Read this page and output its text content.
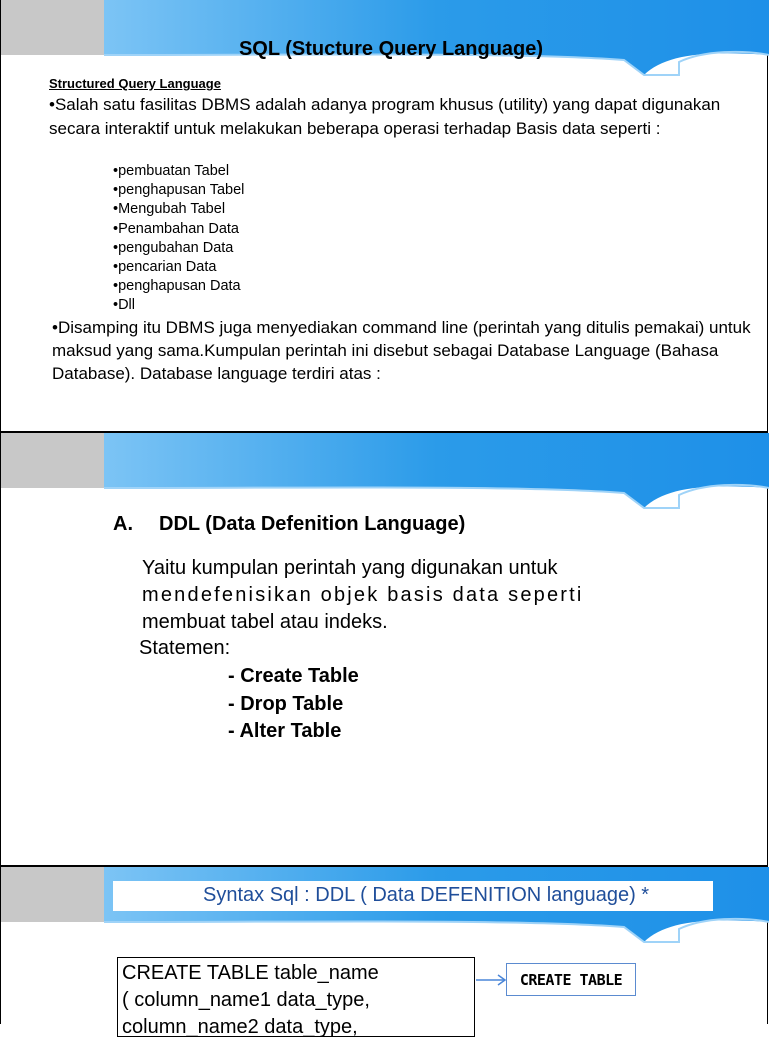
SQL (Stucture Query Language)
Structured Query Language
•Salah satu fasilitas DBMS adalah adanya program khusus (utility) yang dapat digunakan secara interaktif untuk melakukan beberapa operasi terhadap Basis data seperti :
•pembuatan Tabel
•penghapusan Tabel
•Mengubah Tabel
•Penambahan Data
•pengubahan Data
•pencarian Data
•penghapusan Data
•Dll
•Disamping itu DBMS juga menyediakan command line (perintah yang ditulis pemakai) untuk maksud yang sama.Kumpulan perintah ini disebut sebagai Database Language (Bahasa Database). Database language terdiri atas :
A. DDL (Data Defenition Language)
Yaitu kumpulan perintah yang digunakan untuk
mendefenisikan objek basis data seperti
membuat tabel atau indeks.
Statemen:
- Create Table
- Drop Table
- Alter Table
Syntax Sql : DDL ( Data DEFENITION language) *
CREATE TABLE table_name
( column_name1 data_type,
column_name2 data_type,
CREATE TABLE
